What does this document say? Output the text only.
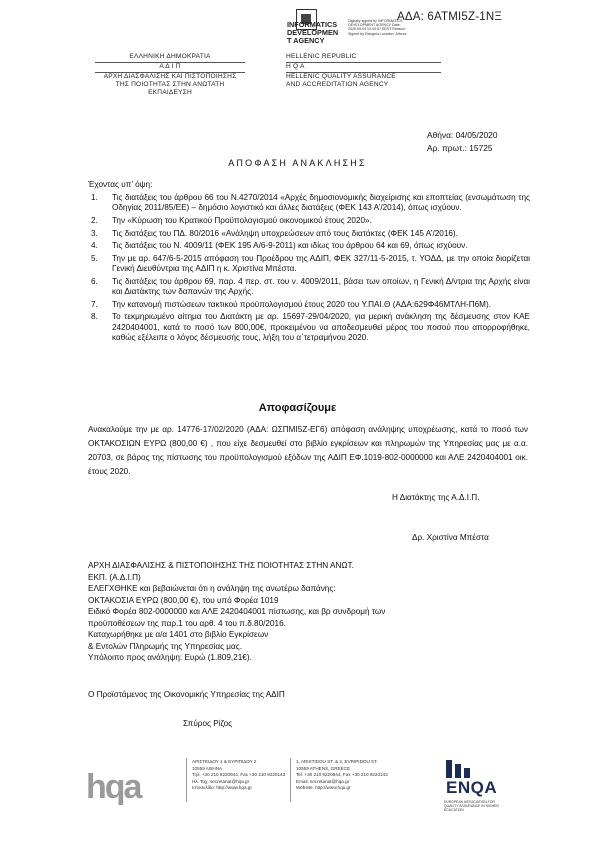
ΑΔΑ: 6ΑΤΜΙ5Ζ-1ΝΞ
INFORMATICS
DEVELOPMEN
T AGENCY
Digitally signed by INFORMATICS DEVELOPMENT AGENCY Date: 2020.05.04 12:03:57 EEST Reason: Signed by Diavgeia Location: Athens
ΕΛΛΗΝΙΚΗ ΔΗΜΟΚΡΑΤΙΑ
Α Δ Ι Π
ΑΡΧΗ ΔΙΑΣΦΑΛΙΣΗΣ ΚΑΙ ΠΙΣΤΟΠΟΙΗΣΗΣ
ΤΗΣ ΠΟΙΟΤΗΤΑΣ ΣΤΗΝ ΑΝΩΤΑΤΗ ΕΚΠΑΙΔΕΥΣΗ
HELLENIC REPUBLIC
H Q A
HELLENIC QUALITY ASSURANCE
AND ACCREDITATION AGENCY
Αθήνα: 04/05/2020
Αρ. πρωτ.: 15725
ΑΠΟΦΑΣΗ ΑΝΑΚΛΗΣΗΣ
Έχοντας υπ’ όψη:
1. Τις διατάξεις του άρθρου 66 του Ν.4270/2014 «Αρχές δημοσιονομικής διαχείρισης και εποπτείας (ενσωμάτωση της Οδηγίας 2011/85/ΕΕ) – δημόσιο λογιστικό και άλλες διατάξεις (ΦΕΚ 143 Α’/2014), όπως ισχύουν.
2. Την «Κύρωση του Κρατικού Προϋπολογισμού οικονομικού έτους 2020».
3. Τις διατάξεις του ΠΔ. 80/2016 «Ανάληψη υποχρεώσεων από τους διατάκτες (ΦΕΚ 145 Α’/2016).
4. Τις διατάξεις του Ν. 4009/11 (ΦΕΚ 195 Α/6-9-2011) και ιδίως του άρθρου 64 και 69, όπως ισχύουν.
5. Την με αρ. 647/6-5-2015 απόφαση του Προέδρου της ΑΔΙΠ, ΦΕΚ 327/11-5-2015, τ. ΥΟΔΔ, με την οποία διορίζεται Γενική Διευθύντρια της ΑΔΙΠ η κ. Χριστίνα Μπέστα.
6. Τις διατάξεις του άρθρου 69, παρ. 4 περ. στ. του ν. 4009/2011, βάσει των οποίων, η Γενική Δ/ντρια της Αρχής είναι και Διατάκτης των δαπανών της Αρχής.
7. Την κατανομή πιστώσεων τακτικού προϋπολογισμού έτους 2020 του Υ.ΠΑΙ.Θ (ΑΔΑ:629Φ46ΜΤΛΗ-Π6Μ).
8. Το τεκμηριωμένο αίτημα του Διατάκτη με αρ. 15697-29/04/2020, για μερική ανάκληση της δέσμευσης στον ΚΑΕ 2420404001, κατά το ποσό των 800,00€, προκειμένου να αποδεσμευθεί μέρος του ποσού που απορροφήθηκε, καθώς εξέλειπε ο λόγος δέσμευσής τους, λήξη του α΄τετραμήνου 2020.
Αποφασίζουμε
Ανακαλούμε την με αρ. 14776-17/02/2020 (ΑΔΑ: ΩΣΠΜΙ5Ζ-ΕΓ6) απόφαση ανάληψης υποχρέωσης, κατά το ποσό των ΟΚΤΑΚΟΣΙΩΝ ΕΥΡΩ (800,00 €) , που είχε δεσμευθεί στο βιβλίο εγκρίσεων και πληρωμών της Υπηρεσίας μας με α.α. 20703, σε βάρος της πίστωσης του προϋπολογισμού εξόδων της ΑΔΙΠ ΕΦ.1019-802-0000000 και ΑΛΕ 2420404001 οικ. έτους 2020.
Η Διατάκτης της Α.Δ.Ι.Π.
Δρ. Χριστίνα Μπέστα
ΑΡΧΗ ΔΙΑΣΦΑΛΙΣΗΣ & ΠΙΣΤΟΠΟΙΗΣΗΣ ΤΗΣ ΠΟΙΟΤΗΤΑΣ ΣΤΗΝ ΑΝΩΤ.
ΕΚΠ. (Α.Δ.Ι.Π)
ΕΛΕΓΧΘΗΚΕ και βεβαιώνεται ότι η ανάληψη της ανωτέρω δαπάνης:
ΟΚΤΑΚΟΣΙΑ ΕΥΡΩ (800,00 €), του υπό Φορέα 1019
Ειδικό Φορέα 802-0000000 και ΑΛΕ 2420404001 πίστωσης, και βρ συνδρομή των
προϋποθέσεων της παρ.1 του αρθ. 4 του π.δ.80/2016.
Καταχωρήθηκε με α/α 1401 στο βιβλίο Εγκρίσεων
& Εντολών Πληρωμής της Υπηρεσίας μας.
Υπόλοιπο προς ανάληψη: Ευρώ (1.809,21€).
Ο Προϊστάμενος της Οικονομικής Υπηρεσίας της ΑΔΙΠ
Σπύρος Ρίζος
hqa
ΑΡΙΣΤΕΙΔΟΥ 1 & ΕΥΡΙΠΙΔΟΥ 2
10559 ΑΘΗΝΑ
Τηλ. +30 210 9220944, Fax +30 210 9220143
Ηλ. Ταχ. secretariat@hqa.gr
Ιστοσελίδα: http://www.hqa.gr
1, ARISTIDOU ST. & 2, EVRIPIDOU ST.
10559 ATHENS, GREECE
Tel. +30 210 9220944, Fax +30 210 9220143
Email: secretariat@hqa.gr
Website: http://www.hqa.gr	ENQA
EUROPEAN ASSOCIATION FOR QUALITY ASSURANCE IN HIGHER EDUCATION
